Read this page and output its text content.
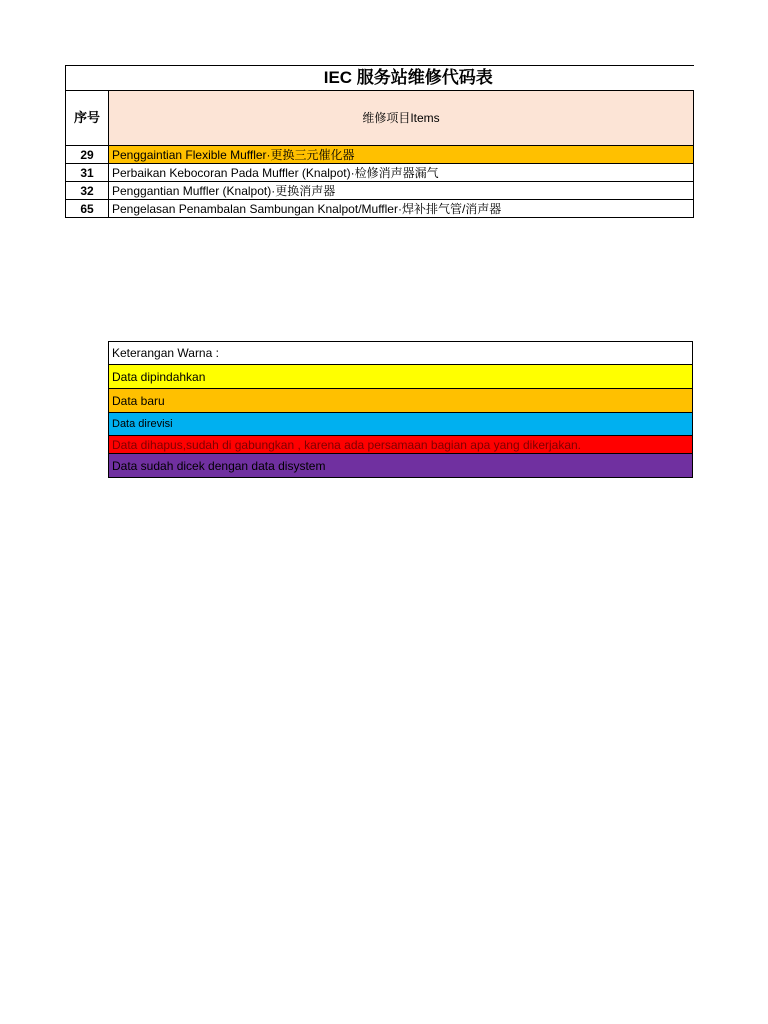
IEC 服务站维修代码表	
序号	维修项目Items
29	Penggaintian Flexible Muffler·更换三元催化器
31	Perbaikan Kebocoran Pada Muffler (Knalpot)·检修消声器漏气
32	Penggantian Muffler (Knalpot)·更换消声器
65	Pengelasan Penambalan Sambungan Knalpot/Muffler·焊补排气管/消声器
Keterangan Warna :
Data dipindahkan
Data baru
Data direvisi
Data dihapus,sudah di gabungkan , karena ada persamaan bagian apa yang dikerjakan.
Data sudah dicek dengan data disystem
